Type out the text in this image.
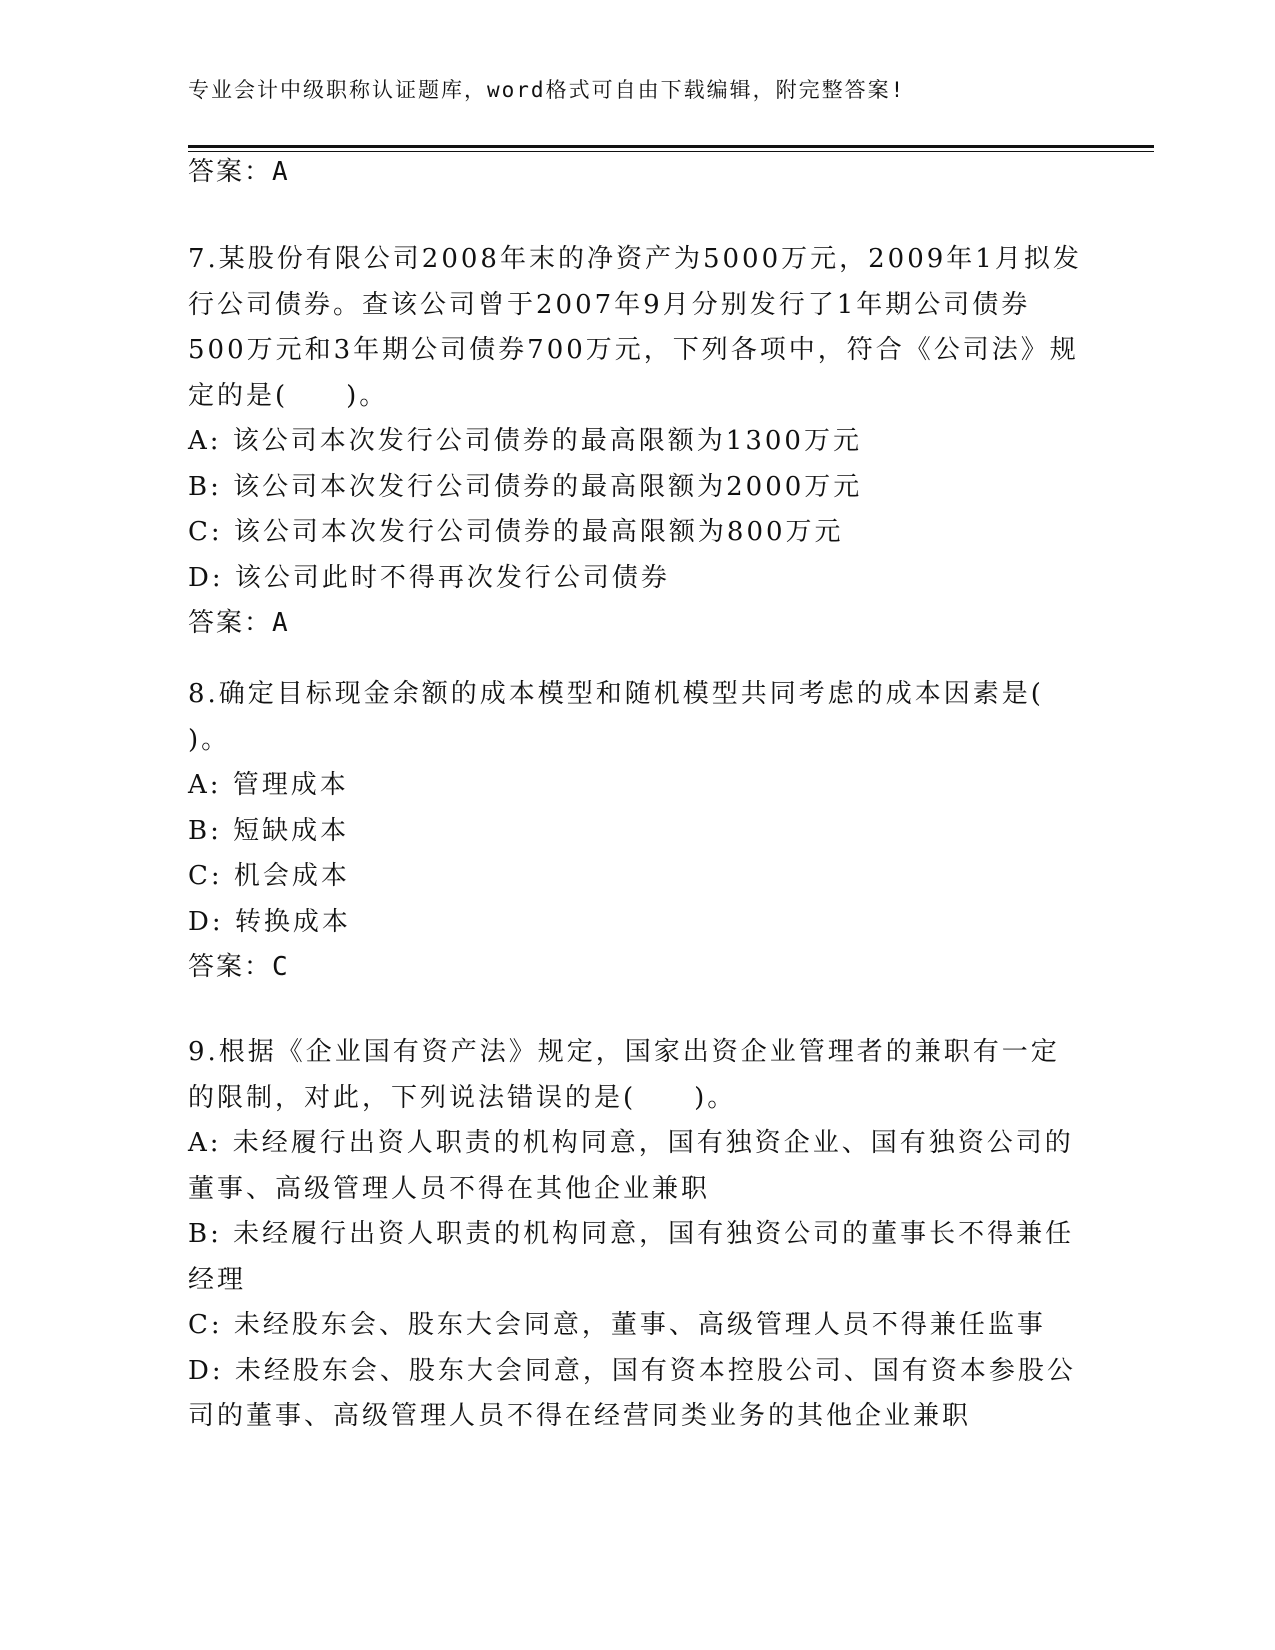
专业会计中级职称认证题库，word格式可自由下载编辑，附完整答案!
答案：A
7.某股份有限公司2008年末的净资产为5000万元，2009年1月拟发
行公司债券。查该公司曾于2007年9月分别发行了1年期公司债券
500万元和3年期公司债券700万元，下列各项中，符合《公司法》规
定的是(　　)。
A: 该公司本次发行公司债券的最高限额为1300万元
B: 该公司本次发行公司债券的最高限额为2000万元
C: 该公司本次发行公司债券的最高限额为800万元
D: 该公司此时不得再次发行公司债券
答案：A
8.确定目标现金余额的成本模型和随机模型共同考虑的成本因素是(
)。
A: 管理成本
B: 短缺成本
C: 机会成本
D: 转换成本
答案：C
9.根据《企业国有资产法》规定，国家出资企业管理者的兼职有一定
的限制，对此，下列说法错误的是(　　)。
A: 未经履行出资人职责的机构同意，国有独资企业、国有独资公司的
董事、高级管理人员不得在其他企业兼职
B: 未经履行出资人职责的机构同意，国有独资公司的董事长不得兼任
经理
C: 未经股东会、股东大会同意，董事、高级管理人员不得兼任监事
D: 未经股东会、股东大会同意，国有资本控股公司、国有资本参股公
司的董事、高级管理人员不得在经营同类业务的其他企业兼职
